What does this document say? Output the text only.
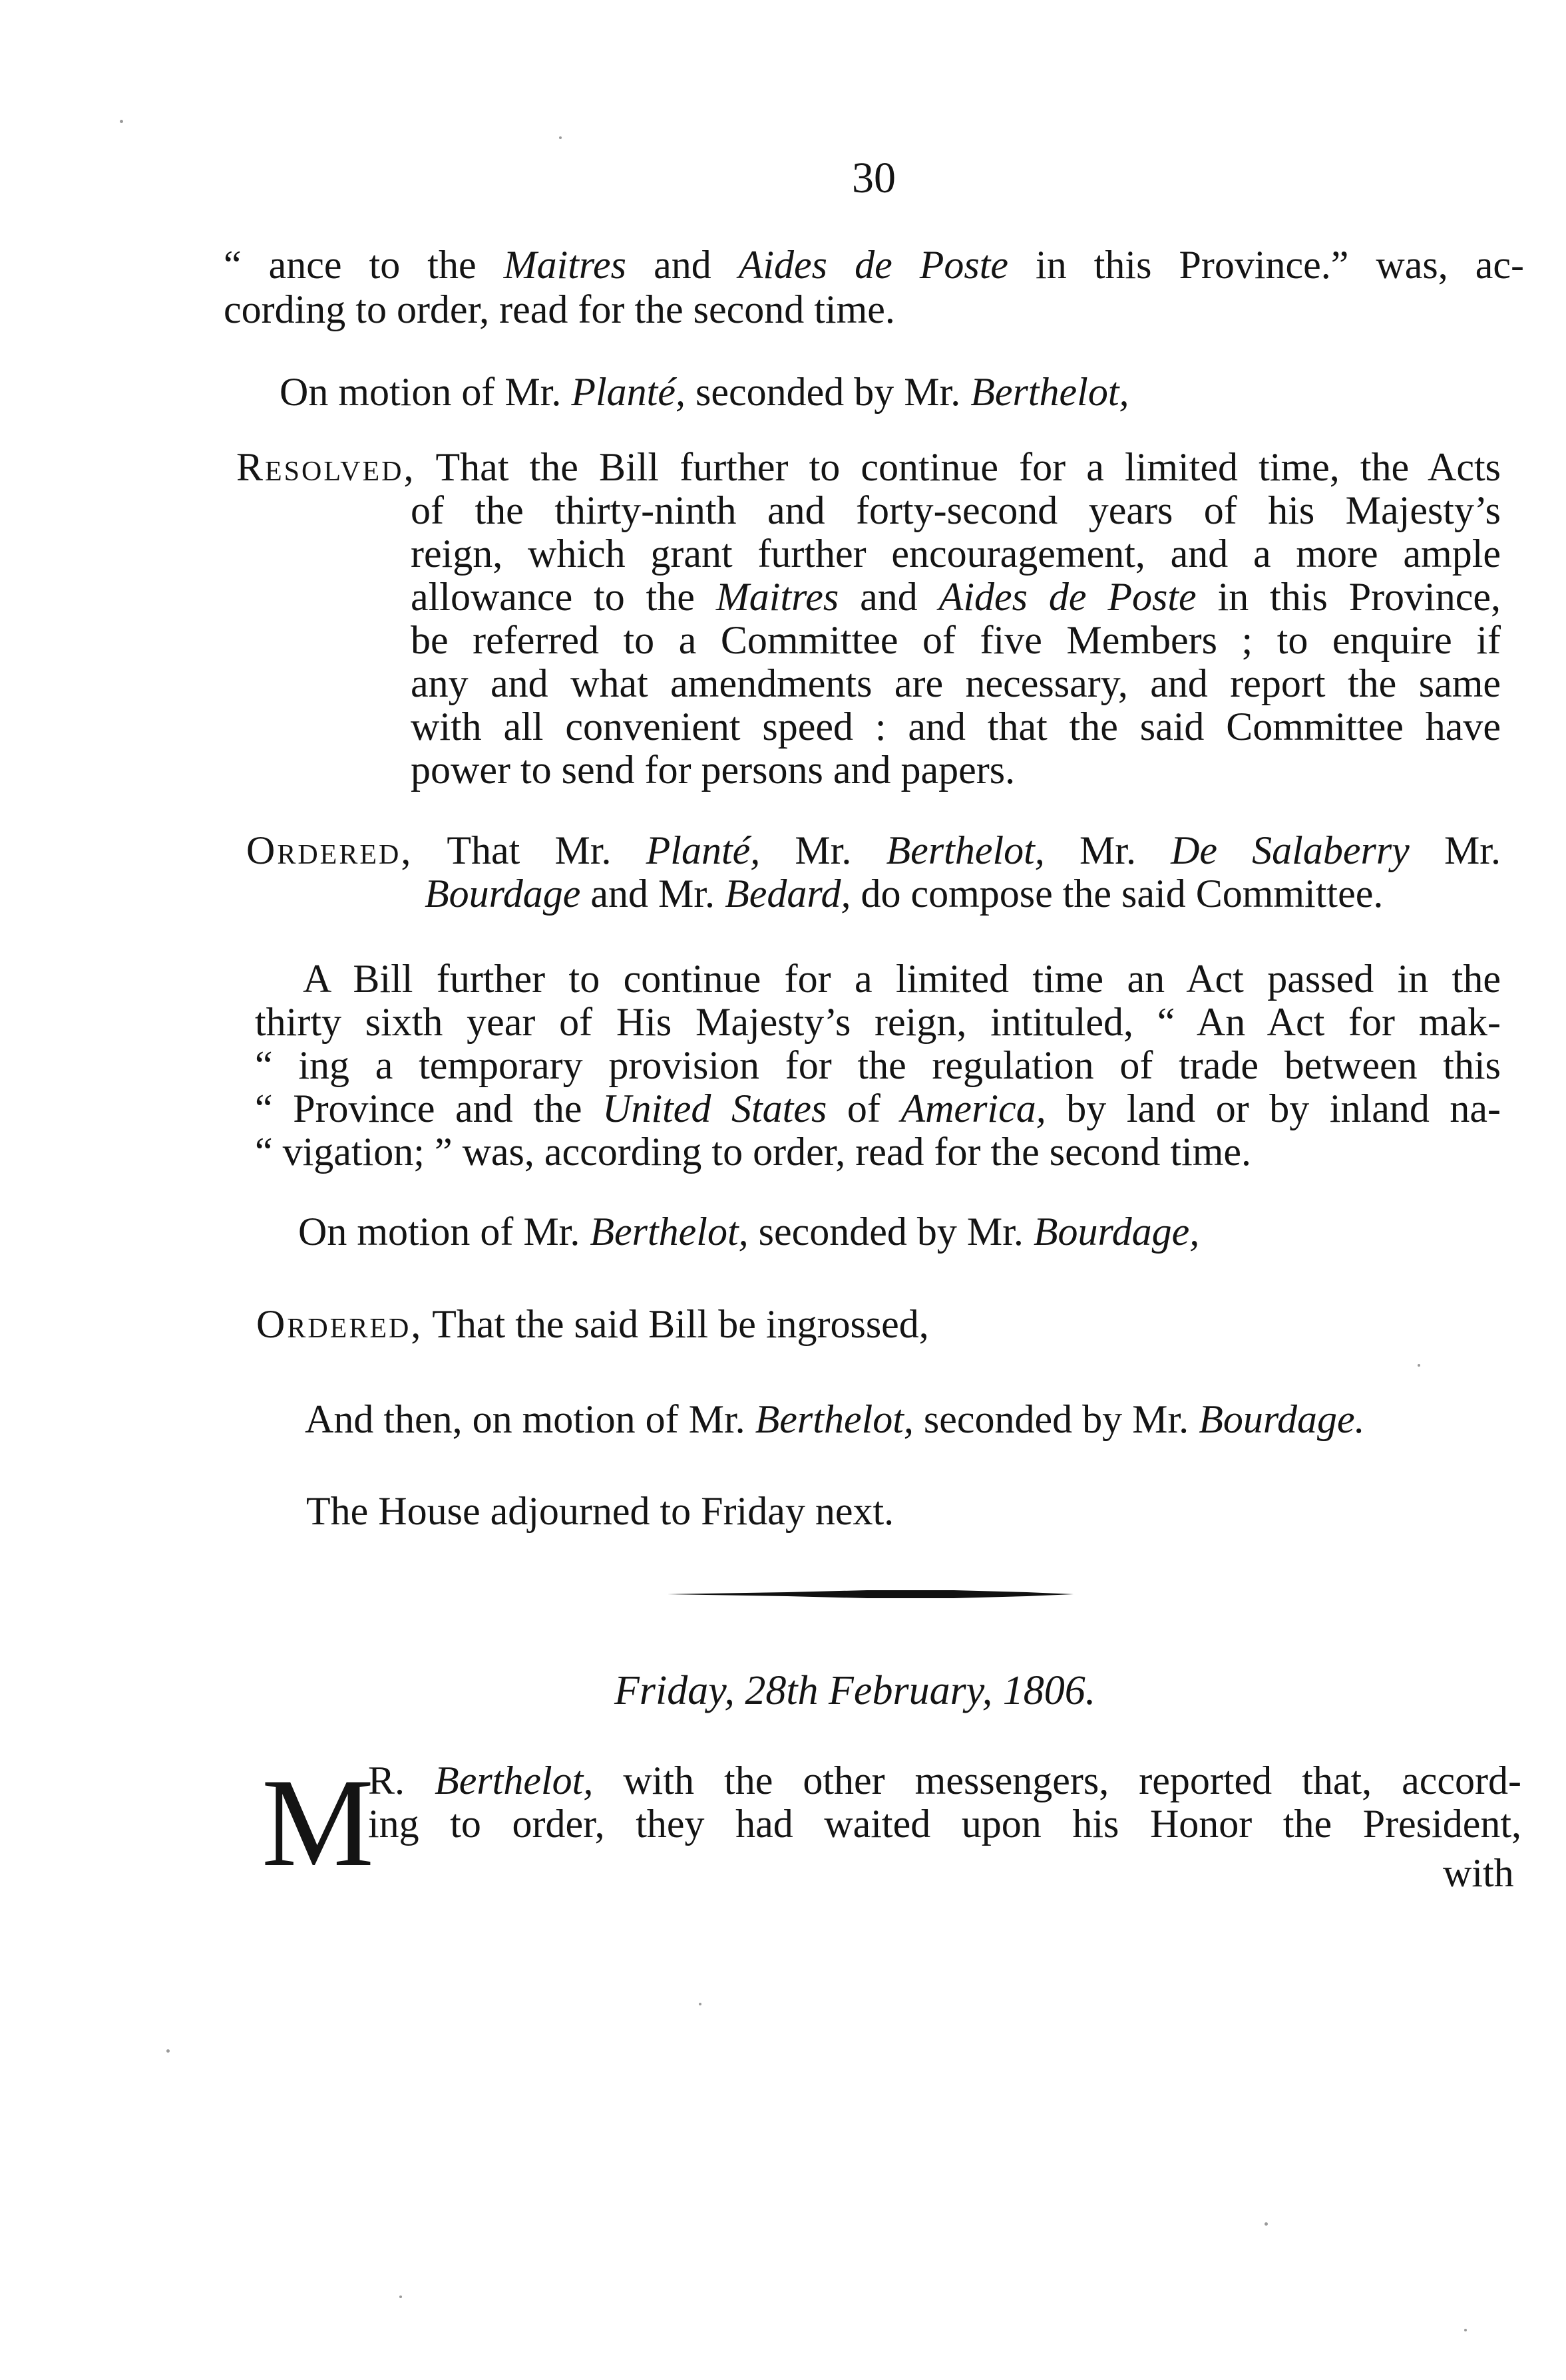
30
“ ance to the Maitres and Aides de Poste in this Province.” was, ac-
cording to order, read for the second time.
On motion of Mr. Planté, seconded by Mr. Berthelot,
Resolved, That the Bill further to continue for a limited time, the Acts
of the thirty-ninth and forty-second years of his Majesty’s
reign, which grant further encouragement, and a more ample
allowance to the Maitres and Aides de Poste in this Province,
be referred to a Committee of five Members ; to enquire if
any and what amendments are necessary, and report the same
with all convenient speed : and that the said Committee have
power to send for persons and papers.
Ordered, That Mr. Planté, Mr. Berthelot, Mr. De Salaberry Mr.
Bourdage and Mr. Bedard, do compose the said Committee.
A Bill further to continue for a limited time an Act passed in the
thirty sixth year of His Majesty’s reign, intituled, “ An Act for mak-
“ ing a temporary provision for the regulation of trade between this
“ Province and the United States of America, by land or by inland na-
“ vigation; ” was, according to order, read for the second time.
On motion of Mr. Berthelot, seconded by Mr. Bourdage,
Ordered, That the said Bill be ingrossed,
And then, on motion of Mr. Berthelot, seconded by Mr. Bourdage.
The House adjourned to Friday next.
Friday, 28th February, 1806.
M
R. Berthelot, with the other messengers, reported that, accord-
ing to order, they had waited upon his Honor the President,
with
